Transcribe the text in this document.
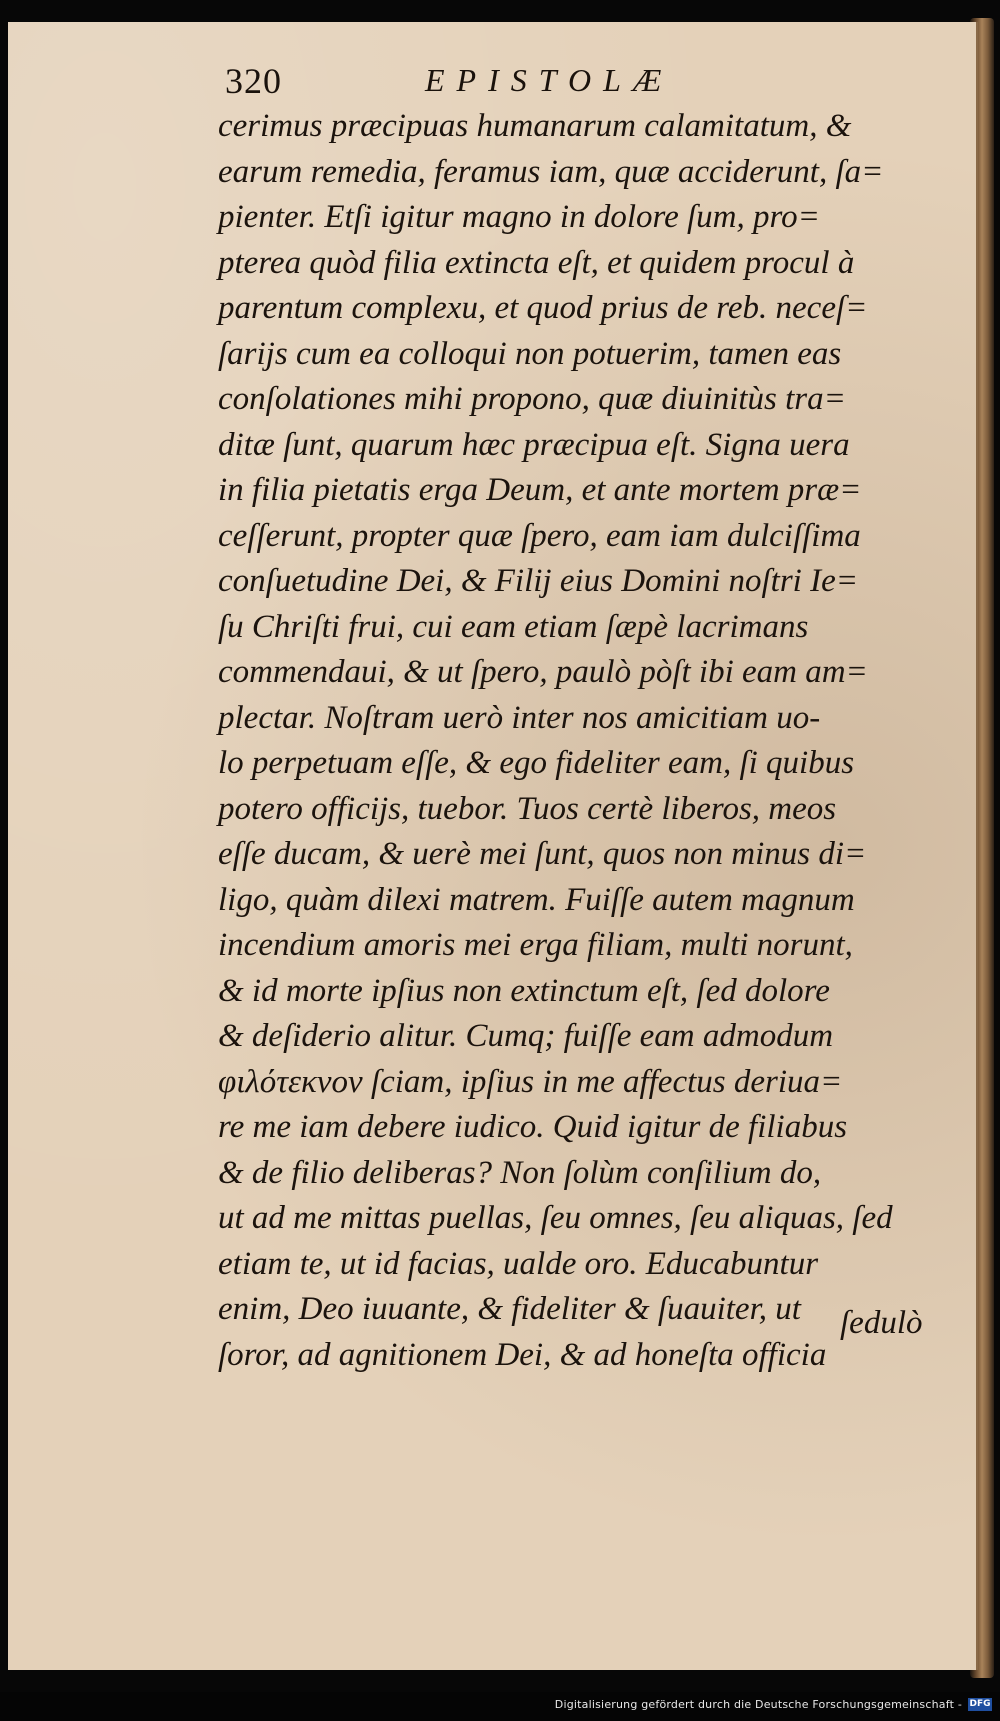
320	EPISTOLÆ
cerimus præcipuas humanarum calamitatum, &
earum remedia, feramus iam, quæ acciderunt, ſa=
pienter. Etſi igitur magno in dolore ſum, pro=
pterea quòd filia extincta eſt, et quidem procul à
parentum complexu, et quod prius de reb. neceſ=
ſarijs cum ea colloqui non potuerim, tamen eas
conſolationes mihi propono, quæ diuinitùs tra=
ditæ ſunt, quarum hæc præcipua eſt. Signa uera
in filia pietatis erga Deum, et ante mortem præ=
ceſſerunt, propter quæ ſpero, eam iam dulciſſima
conſuetudine Dei, & Filij eius Domini noſtri Ie=
ſu Chriſti frui, cui eam etiam ſæpè lacrimans
commendaui, & ut ſpero, paulò pòſt ibi eam am=
plectar. Noſtram uerò inter nos amicitiam uo-
lo perpetuam eſſe, & ego fideliter eam, ſi quibus
potero officijs, tuebor. Tuos certè liberos, meos
eſſe ducam, & uerè mei ſunt, quos non minus di=
ligo, quàm dilexi matrem. Fuiſſe autem magnum
incendium amoris mei erga filiam, multi norunt,
& id morte ipſius non extinctum eſt, ſed dolore
& deſiderio alitur. Cumq; fuiſſe eam admodum
φιλότεκνον ſciam, ipſius in me affectus deriua=
re me iam debere iudico. Quid igitur de filiabus
& de filio deliberas? Non ſolùm conſilium do,
ut ad me mittas puellas, ſeu omnes, ſeu aliquas, ſed
etiam te, ut id facias, ualde oro. Educabuntur
enim, Deo iuuante, & fideliter & ſuauiter, ut
ſoror, ad agnitionem Dei, & ad honeſta officia
ſedulò
Digitalisierung gefördert durch die Deutsche Forschungsgemeinschaft - DFG
